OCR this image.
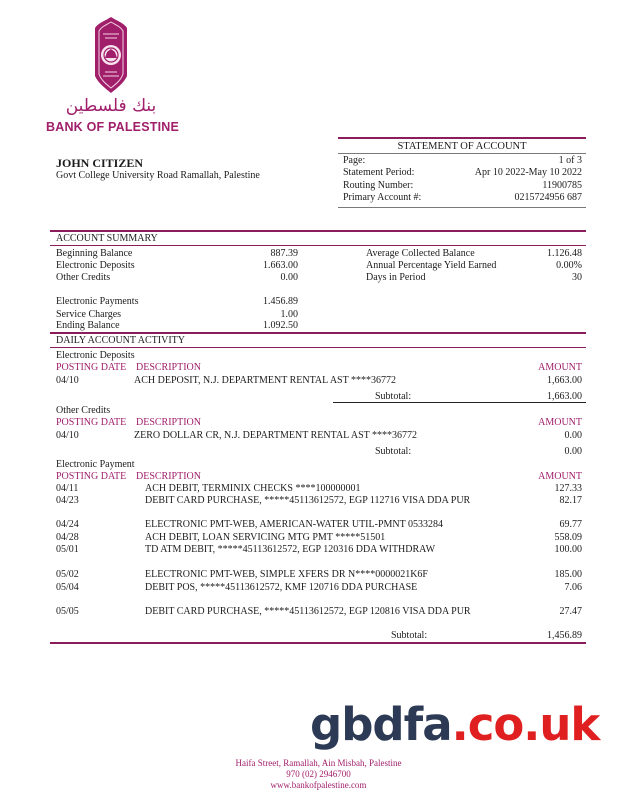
بنك فلسطين
BANK OF PALESTINE
STATEMENT OF ACCOUNT
Page:	1 of 3
Statement Period:	Apr 10 2022-May 10 2022
Routing Number:	11900785
Primary Account #:	0215724956 687
JOHN CITIZEN
Govt College University Road Ramallah, Palestine
ACCOUNT SUMMARY
Beginning Balance	887.39
Electronic Deposits	1.663.00
Other Credits	0.00
Electronic Payments	1.456.89
Service Charges	1.00
Ending Balance	1.092.50
Average Collected Balance	1.126.48
Annual Percentage Yield Earned	0.00%
Days in Period	30
DAILY ACCOUNT ACTIVITY
Electronic Deposits
POSTING DATE DESCRIPTION	AMOUNT
04/10	ACH DEPOSIT, N.J. DEPARTMENT RENTAL AST ****36772	1,663.00
Subtotal:	1,663.00
Other Credits
POSTING DATE DESCRIPTION	AMOUNT
04/10	ZERO DOLLAR CR, N.J. DEPARTMENT RENTAL AST ****36772	0.00
Subtotal:	0.00
Electronic Payment
POSTING DATE DESCRIPTION	AMOUNT
04/11	ACH DEBIT, TERMINIX CHECKS ****100000001	127.33
04/23	DEBIT CARD PURCHASE, *****45113612572, EGP 112716 VISA DDA PUR	82.17
04/24	ELECTRONIC PMT-WEB, AMERICAN-WATER UTIL-PMNT 0533284	69.77
04/28	ACH DEBIT, LOAN SERVICING MTG PMT *****51501	558.09
05/01	TD ATM DEBIT, *****45113612572, EGP 120316 DDA WITHDRAW	100.00
05/02	ELECTRONIC PMT-WEB, SIMPLE XFERS DR N****0000021K6F	185.00
05/04	DEBIT POS, *****45113612572, KMF 120716 DDA PURCHASE	7.06
05/05	DEBIT CARD PURCHASE, *****45113612572, EGP 120816 VISA DDA PUR	27.47
Subtotal:	1,456.89
gbdfa.co.uk
Haifa Street, Ramallah, Ain Misbah, Palestine
970 (02) 2946700
www.bankofpalestine.com
